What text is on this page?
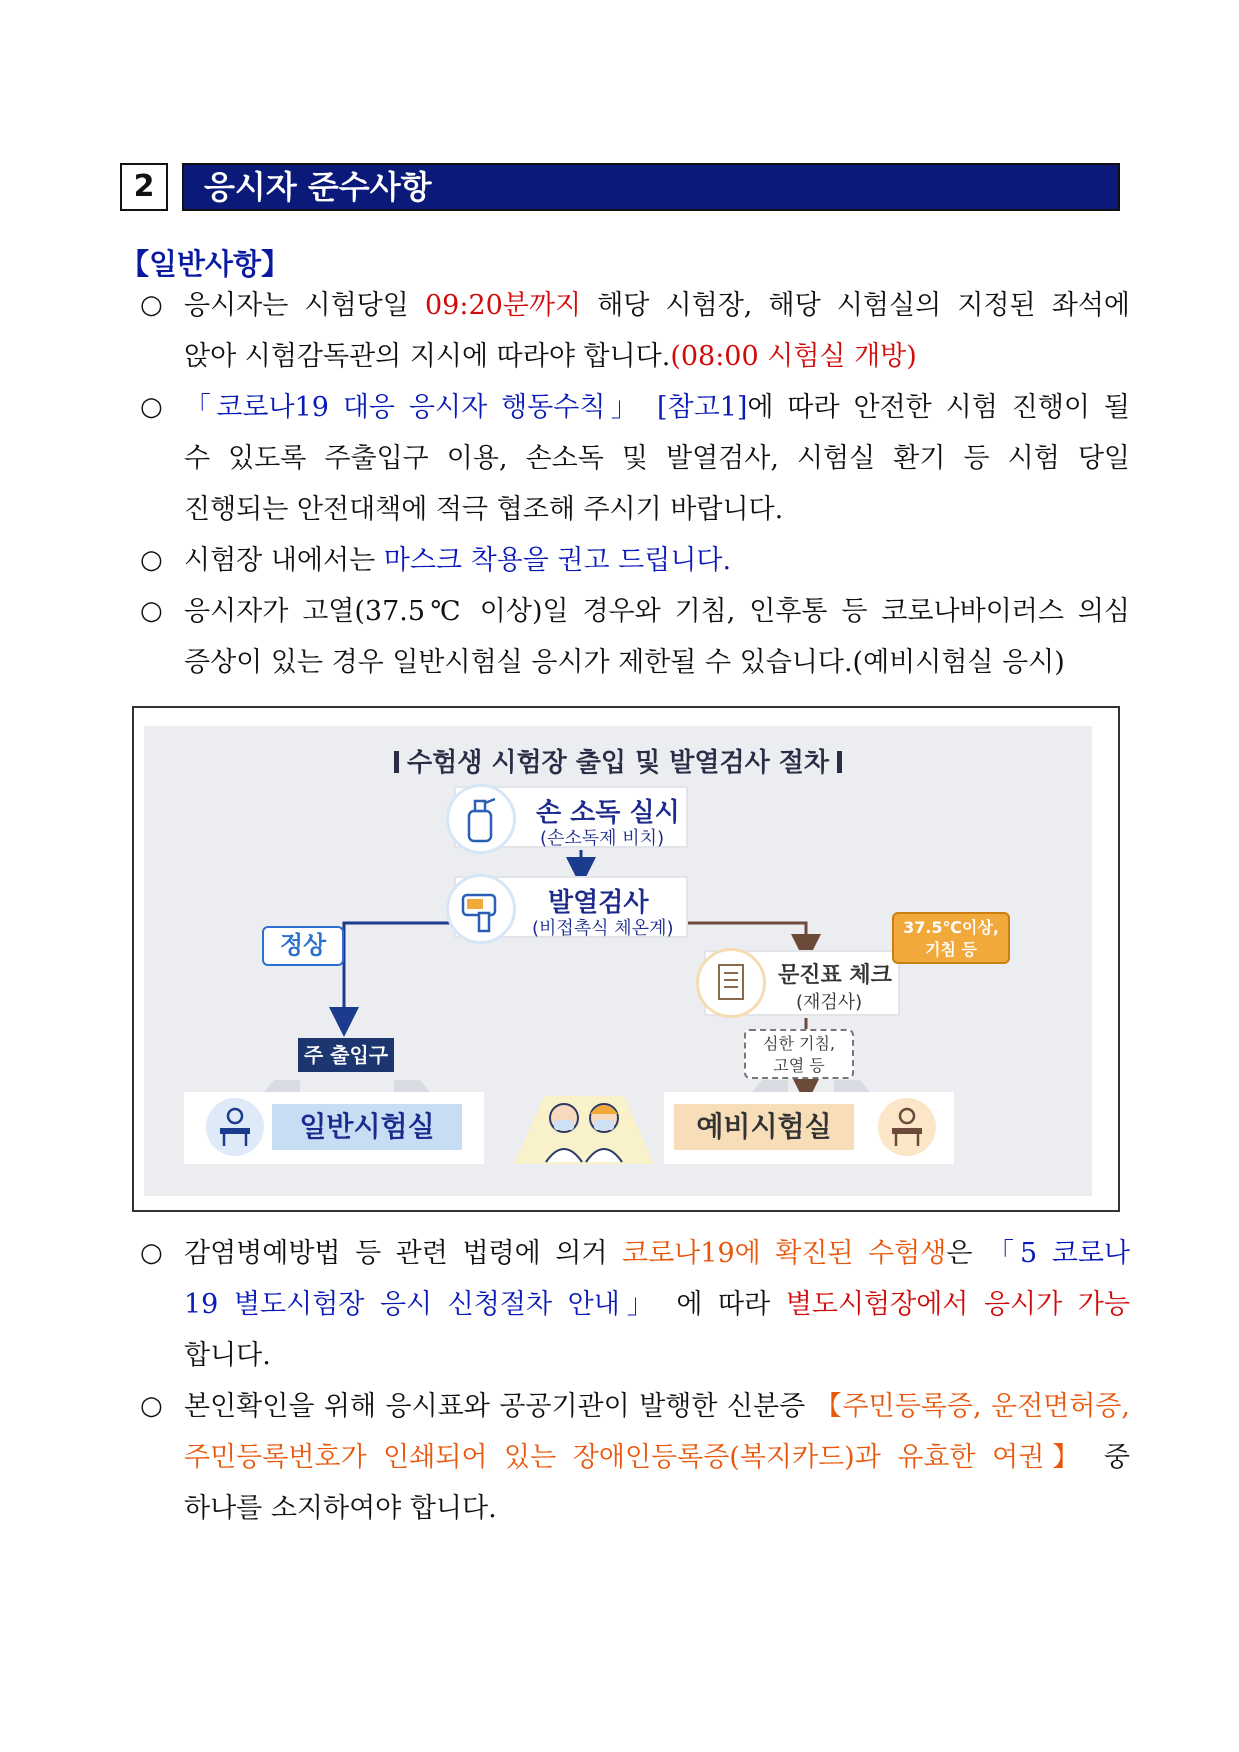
2	응시자 준수사항
【일반사항】
○ 응시자는 시험당일 09:20분까지 해당 시험장, 해당 시험실의 지정된 좌석에
앉아 시험감독관의 지시에 따라야 합니다.(08:00 시험실 개방)
○ 「코로나19 대응 응시자 행동수칙」 [참고1]에 따라 안전한 시험 진행이 될
수 있도록 주출입구 이용, 손소독 및 발열검사, 시험실 환기 등 시험 당일
진행되는 안전대책에 적극 협조해 주시기 바랍니다.
○ 시험장 내에서는 마스크 착용을 권고 드립니다.
○ 응시자가 고열(37.5℃ 이상)일 경우와 기침, 인후통 등 코로나바이러스 의심
증상이 있는 경우 일반시험실 응시가 제한될 수 있습니다.(예비시험실 응시)
○ 감염병예방법 등 관련 법령에 의거 코로나19에 확진된 수험생은 「5 코로나
19 별도시험장 응시 신청절차 안내」 에 따라 별도시험장에서 응시가 가능
합니다.
○ 본인확인을 위해 응시표와 공공기관이 발행한 신분증 【주민등록증, 운전면허증,
주민등록번호가 인쇄되어 있는 장애인등록증(복지카드)과 유효한 여권】 중
하나를 소지하여야 합니다.
수험생 시험장 출입 및 발열검사 절차
손 소독 실시
(손소독제 비치)
발열검사
(비접촉식 체온계)
문진표 체크
(재검사)
정상
37.5℃이상,
기침 등
심한 기침,
고열 등
주 출입구
일반시험실	예비시험실
